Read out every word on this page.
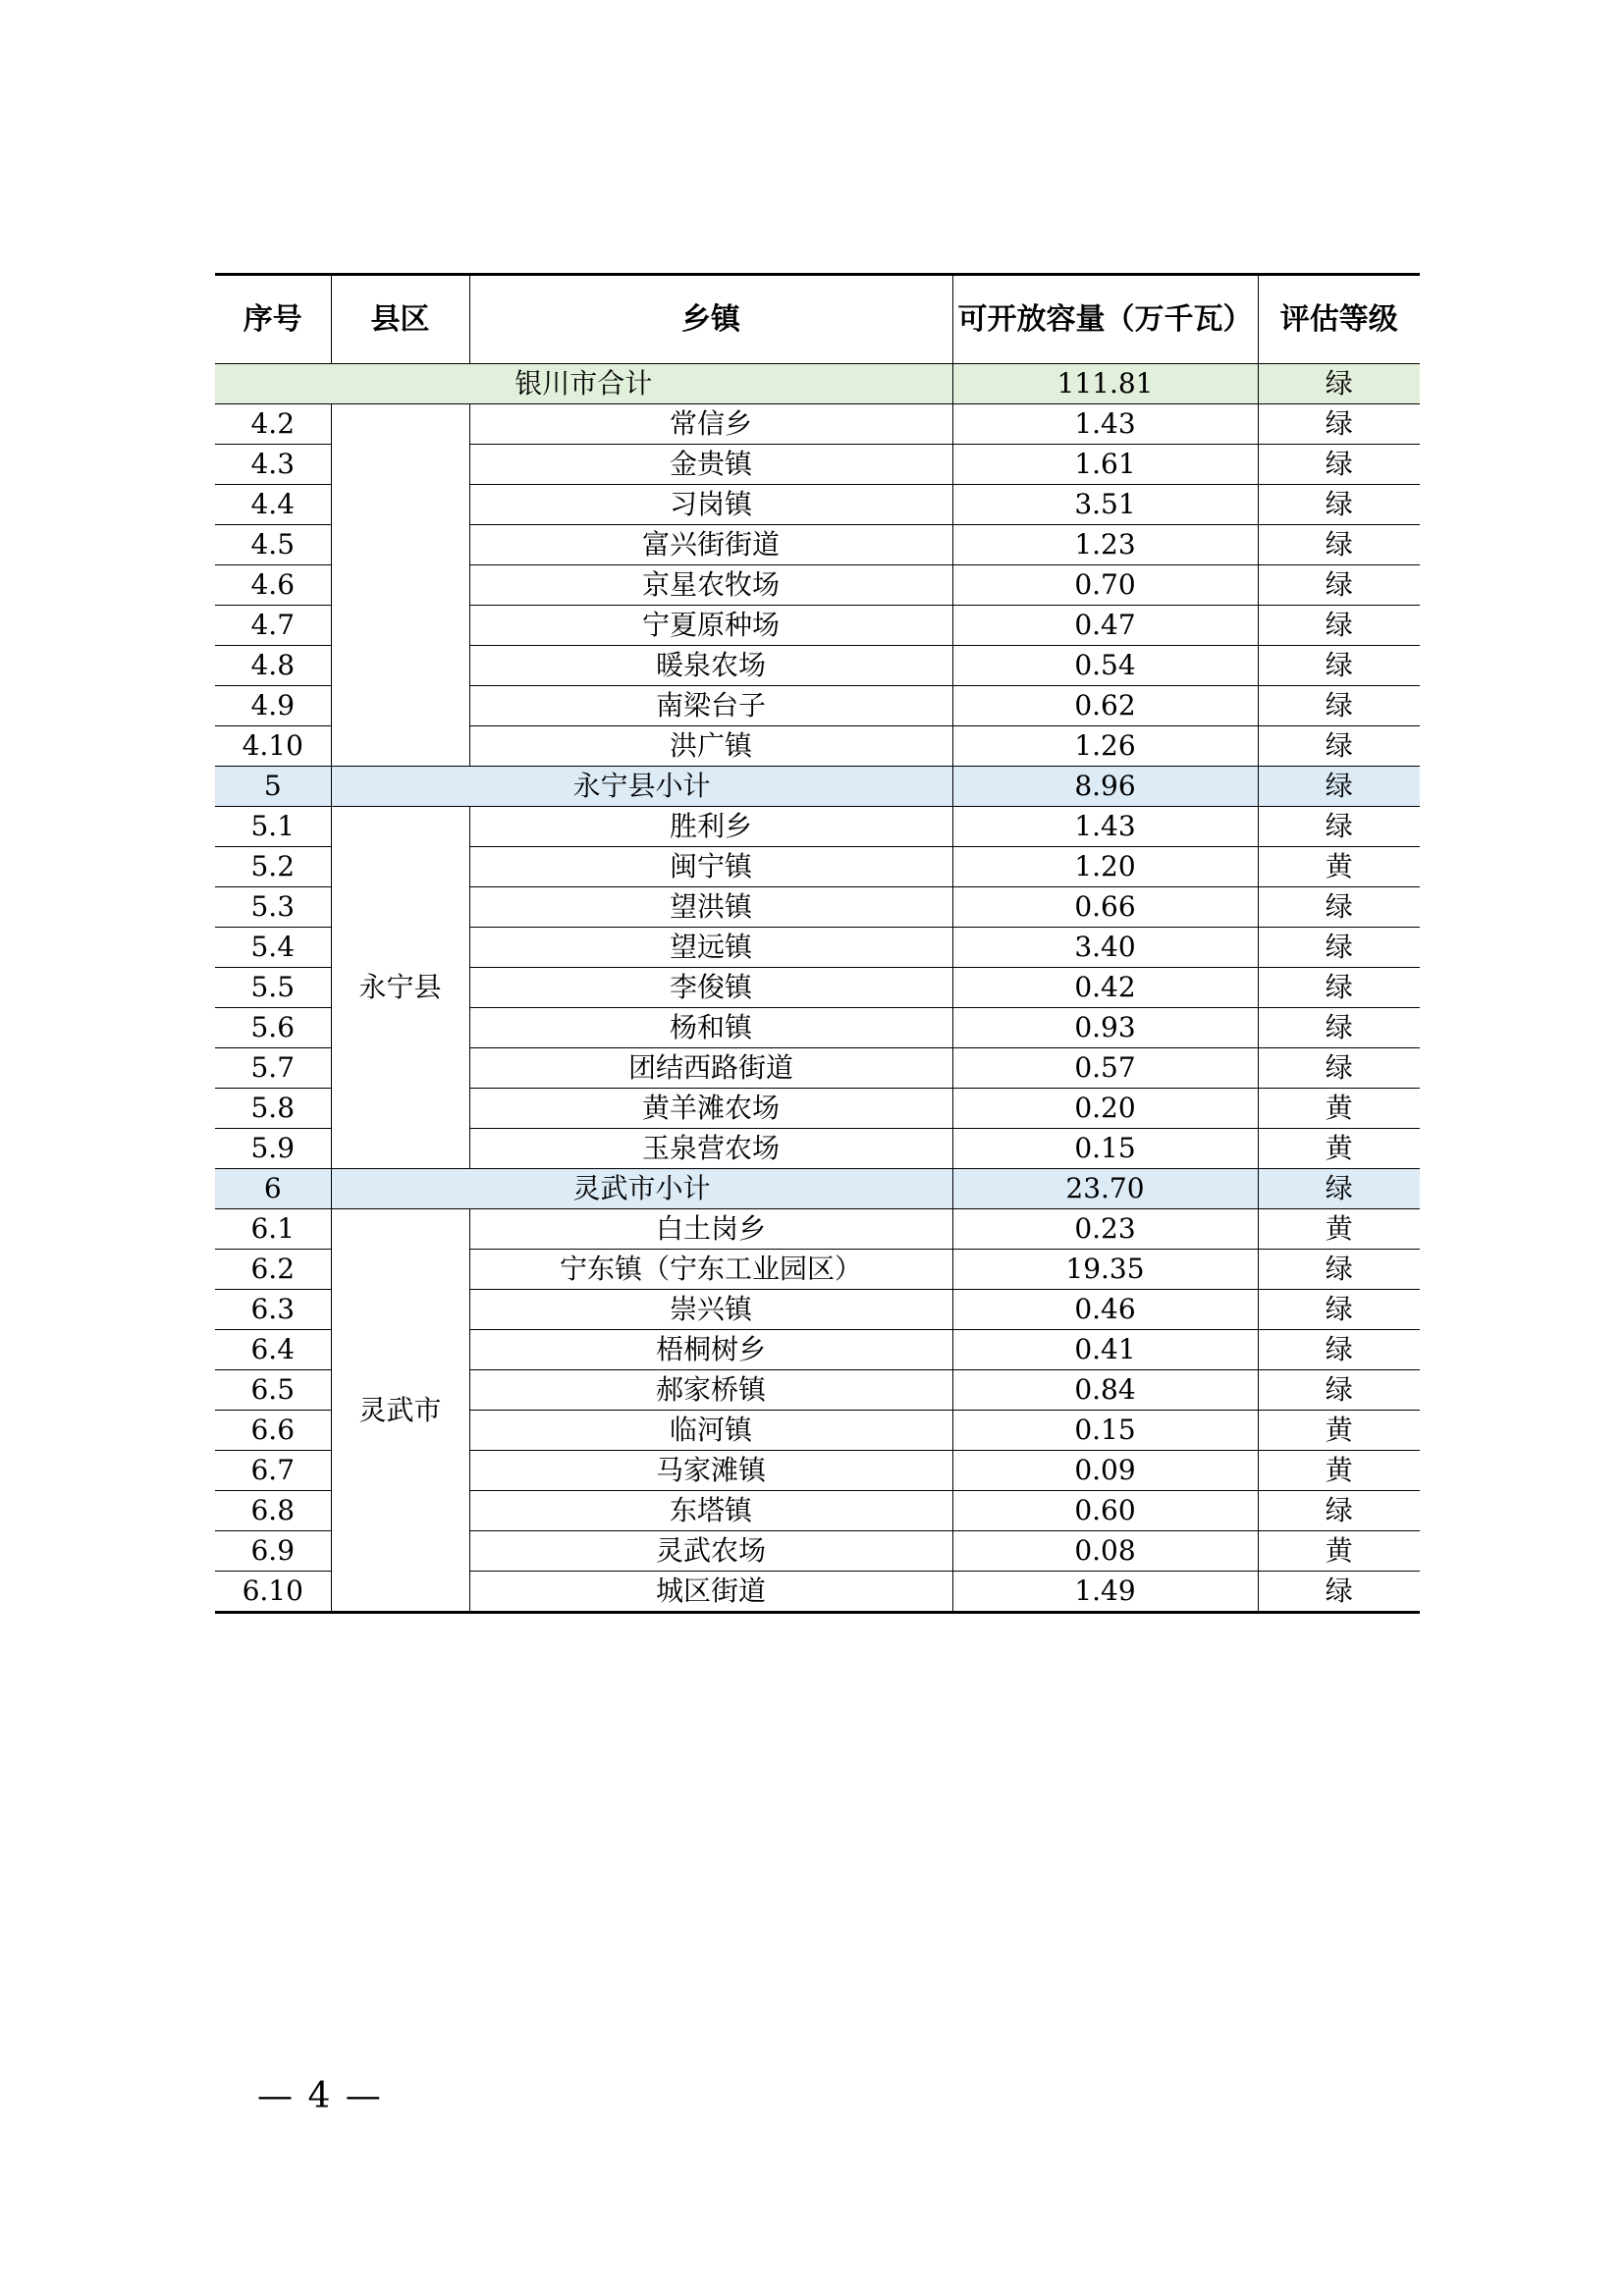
序号	县区	乡镇	可开放容量（万千瓦）	评估等级
银川市合计			111.81	绿
4.2		常信乡	1.43	绿
4.3		金贵镇	1.61	绿
4.4		习岗镇	3.51	绿
4.5		富兴街街道	1.23	绿
4.6		京星农牧场	0.70	绿
4.7		宁夏原种场	0.47	绿
4.8		暖泉农场	0.54	绿
4.9		南梁台子	0.62	绿
4.10		洪广镇	1.26	绿
5	永宁县小计		8.96	绿
5.1	永宁县	胜利乡	1.43	绿
5.2		闽宁镇	1.20	黄
5.3		望洪镇	0.66	绿
5.4		望远镇	3.40	绿
5.5		李俊镇	0.42	绿
5.6		杨和镇	0.93	绿
5.7		团结西路街道	0.57	绿
5.8		黄羊滩农场	0.20	黄
5.9		玉泉营农场	0.15	黄
6	灵武市小计		23.70	绿
6.1	灵武市	白土岗乡	0.23	黄
6.2		宁东镇（宁东工业园区）	19.35	绿
6.3		崇兴镇	0.46	绿
6.4		梧桐树乡	0.41	绿
6.5		郝家桥镇	0.84	绿
6.6		临河镇	0.15	黄
6.7		马家滩镇	0.09	黄
6.8		东塔镇	0.60	绿
6.9		灵武农场	0.08	黄
6.10		城区街道	1.49	绿
— 4 —
